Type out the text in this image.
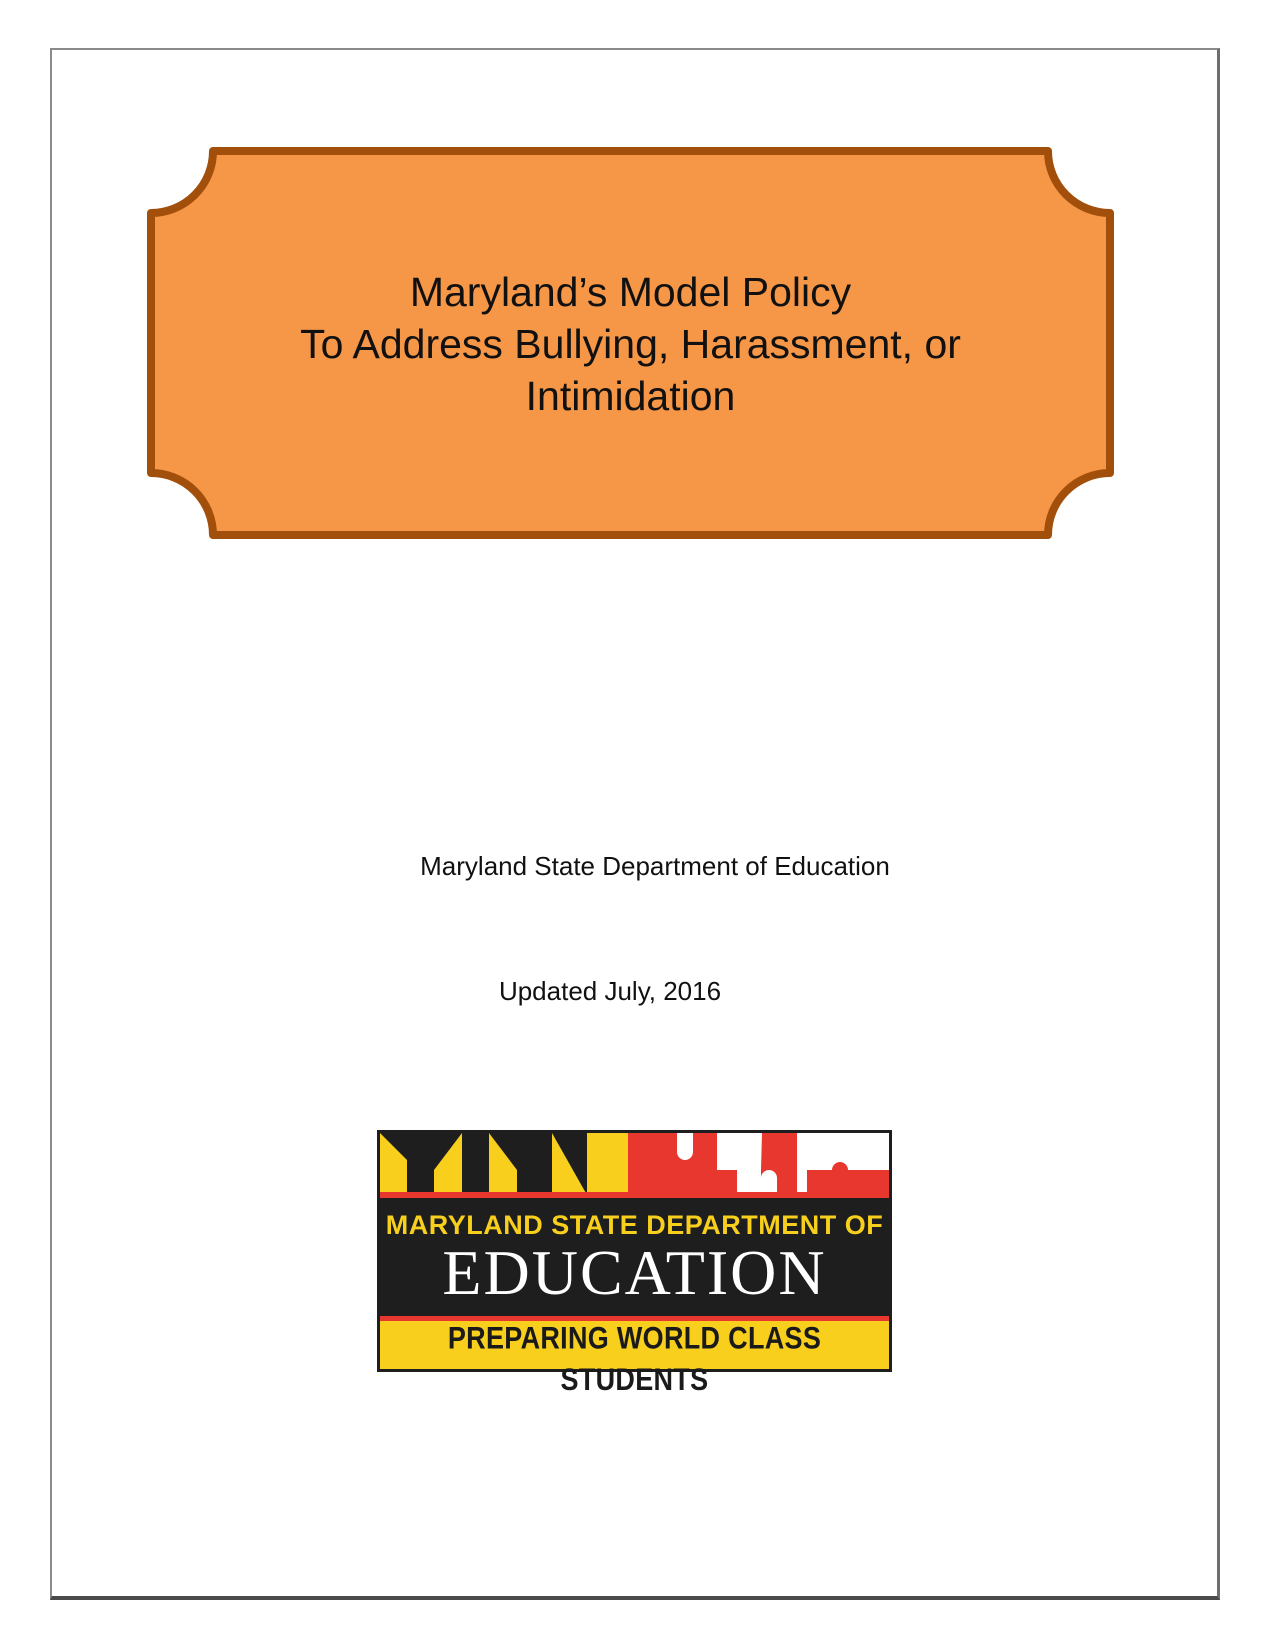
Maryland’s Model Policy
To Address Bullying, Harassment, or
Intimidation
Maryland State Department of Education
Updated July, 2016
MARYLAND STATE DEPARTMENT OF
EDUCATION
PREPARING WORLD CLASS STUDENTS
